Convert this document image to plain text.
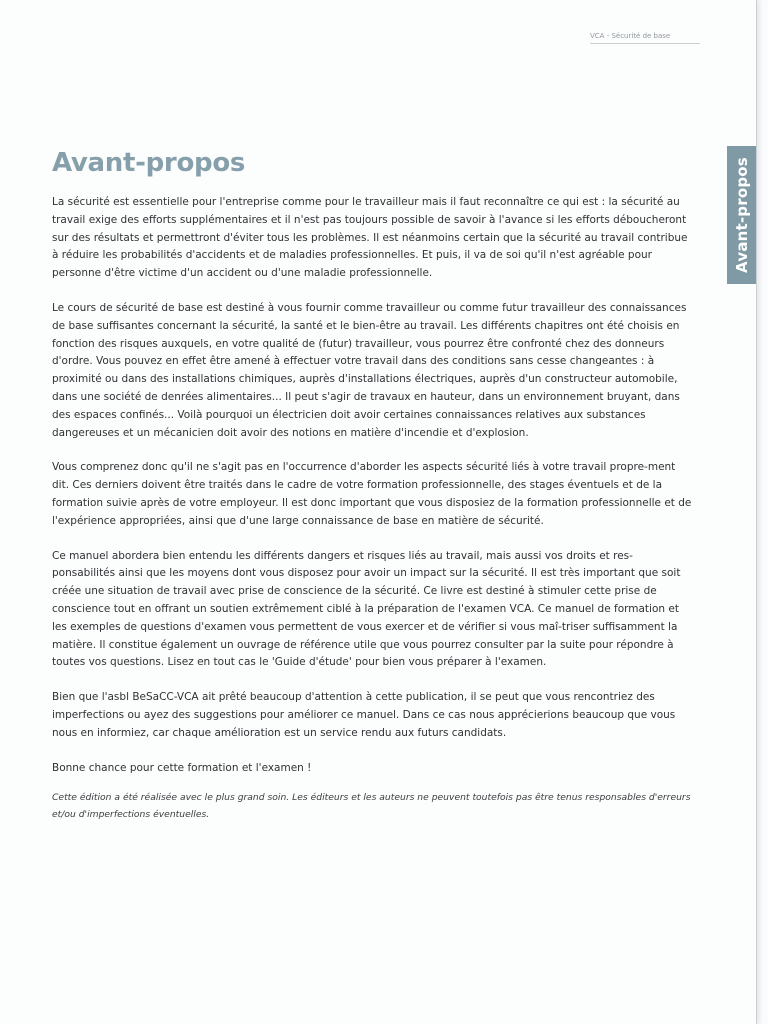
VCA - Sécurité de base
Avant-propos
Avant-propos

La sécurité est essentielle pour l'entreprise comme pour le travailleur mais il faut reconnaître ce qui est : la sécurité au travail exige des efforts supplémentaires et il n'est pas toujours possible de savoir à l'avance si les efforts déboucheront sur des résultats et permettront d'éviter tous les problèmes. Il est néanmoins certain que la sécurité au travail contribue à réduire les probabilités d'accidents et de maladies professionnelles. Et puis, il va de soi qu'il n'est agréable pour personne d'être victime d'un accident ou d'une maladie professionnelle.

Le cours de sécurité de base est destiné à vous fournir comme travailleur ou comme futur travailleur des connaissances de base suffisantes concernant la sécurité, la santé et le bien-être au travail. Les différents chapitres ont été choisis en fonction des risques auxquels, en votre qualité de (futur) travailleur, vous pourrez être confronté chez des donneurs d'ordre. Vous pouvez en effet être amené à effectuer votre travail dans des conditions sans cesse changeantes : à proximité ou dans des installations chimiques, auprès d'installations électriques, auprès d'un constructeur automobile, dans une société de denrées alimentaires... Il peut s'agir de travaux en hauteur, dans un environnement bruyant, dans des espaces confinés... Voilà pourquoi un électricien doit avoir certaines connaissances relatives aux substances dangereuses et un mécanicien doit avoir des notions en matière d'incendie et d'explosion.

Vous comprenez donc qu'il ne s'agit pas en l'occurrence d'aborder les aspects sécurité liés à votre travail propre-ment dit. Ces derniers doivent être traités dans le cadre de votre formation professionnelle, des stages éventuels et de la formation suivie après de votre employeur. Il est donc important que vous disposiez de la formation professionnelle et de l'expérience appropriées, ainsi que d'une large connaissance de base en matière de sécurité.

Ce manuel abordera bien entendu les différents dangers et risques liés au travail, mais aussi vos droits et res-ponsabilités ainsi que les moyens dont vous disposez pour avoir un impact sur la sécurité. Il est très important que soit créée une situation de travail avec prise de conscience de la sécurité. Ce livre est destiné à stimuler cette prise de conscience tout en offrant un soutien extrêmement ciblé à la préparation de l'examen VCA. Ce manuel de formation et les exemples de questions d'examen vous permettent de vous exercer et de vérifier si vous maî-triser suffisamment la matière. Il constitue également un ouvrage de référence utile que vous pourrez consulter par la suite pour répondre à toutes vos questions. Lisez en tout cas le 'Guide d'étude' pour bien vous préparer à l'examen.

Bien que l'asbl BeSaCC-VCA ait prêté beaucoup d'attention à cette publication, il se peut que vous rencontriez des imperfections ou ayez des suggestions pour améliorer ce manuel. Dans ce cas nous apprécierions beaucoup que vous nous en informiez, car chaque amélioration est un service rendu aux futurs candidats.

Bonne chance pour cette formation et l'examen !

Cette édition a été réalisée avec le plus grand soin. Les éditeurs et les auteurs ne peuvent toutefois pas être tenus responsables d'erreurs et/ou d'imperfections éventuelles.
